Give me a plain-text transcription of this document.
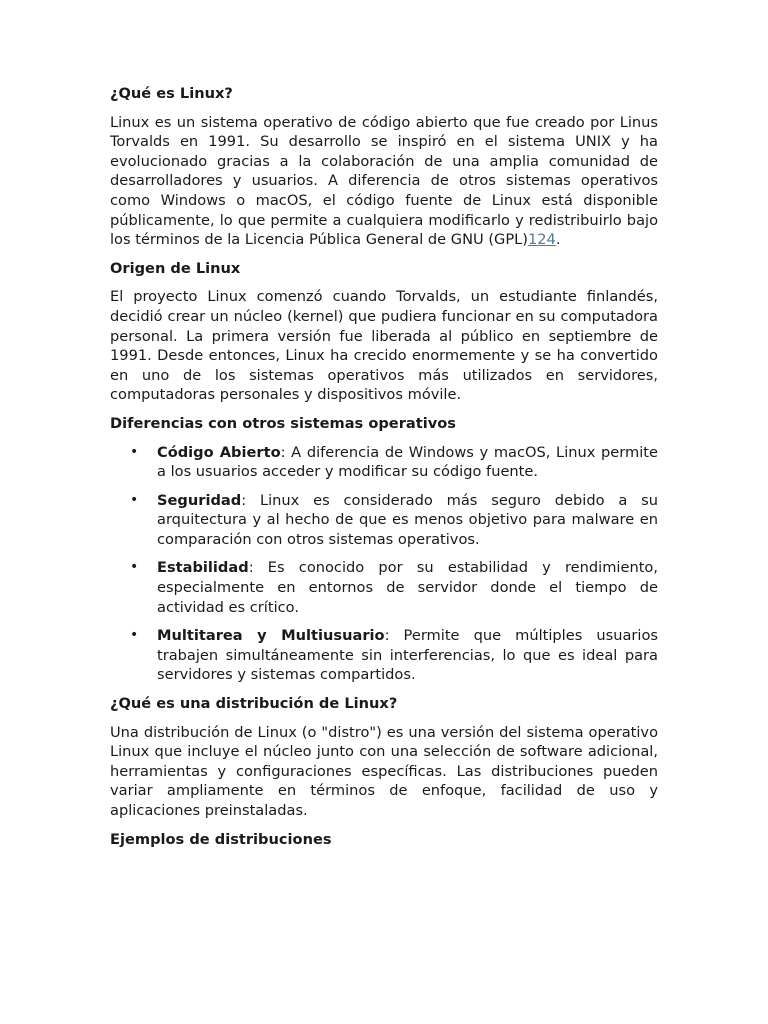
¿Qué es Linux?

Linux es un sistema operativo de código abierto que fue creado por Linus Torvalds en 1991. Su desarrollo se inspiró en el sistema UNIX y ha evolucionado gracias a la colaboración de una amplia comunidad de desarrolladores y usuarios. A diferencia de otros sistemas operativos como Windows o macOS, el código fuente de Linux está disponible públicamente, lo que permite a cualquiera modificarlo y redistribuirlo bajo los términos de la Licencia Pública General de GNU (GPL)124.

Origen de Linux

El proyecto Linux comenzó cuando Torvalds, un estudiante finlandés, decidió crear un núcleo (kernel) que pudiera funcionar en su computadora personal. La primera versión fue liberada al público en septiembre de 1991. Desde entonces, Linux ha crecido enormemente y se ha convertido en uno de los sistemas operativos más utilizados en servidores, computadoras personales y dispositivos móvile.

Diferencias con otros sistemas operativos
• Código Abierto: A diferencia de Windows y macOS, Linux permite a los usuarios acceder y modificar su código fuente.
• Seguridad: Linux es considerado más seguro debido a su arquitectura y al hecho de que es menos objetivo para malware en comparación con otros sistemas operativos.
• Estabilidad: Es conocido por su estabilidad y rendimiento, especialmente en entornos de servidor donde el tiempo de actividad es crítico.
• Multitarea y Multiusuario: Permite que múltiples usuarios trabajen simultáneamente sin interferencias, lo que es ideal para servidores y sistemas compartidos.
¿Qué es una distribución de Linux?

Una distribución de Linux (o "distro") es una versión del sistema operativo Linux que incluye el núcleo junto con una selección de software adicional, herramientas y configuraciones específicas. Las distribuciones pueden variar ampliamente en términos de enfoque, facilidad de uso y aplicaciones preinstaladas.

Ejemplos de distribuciones
